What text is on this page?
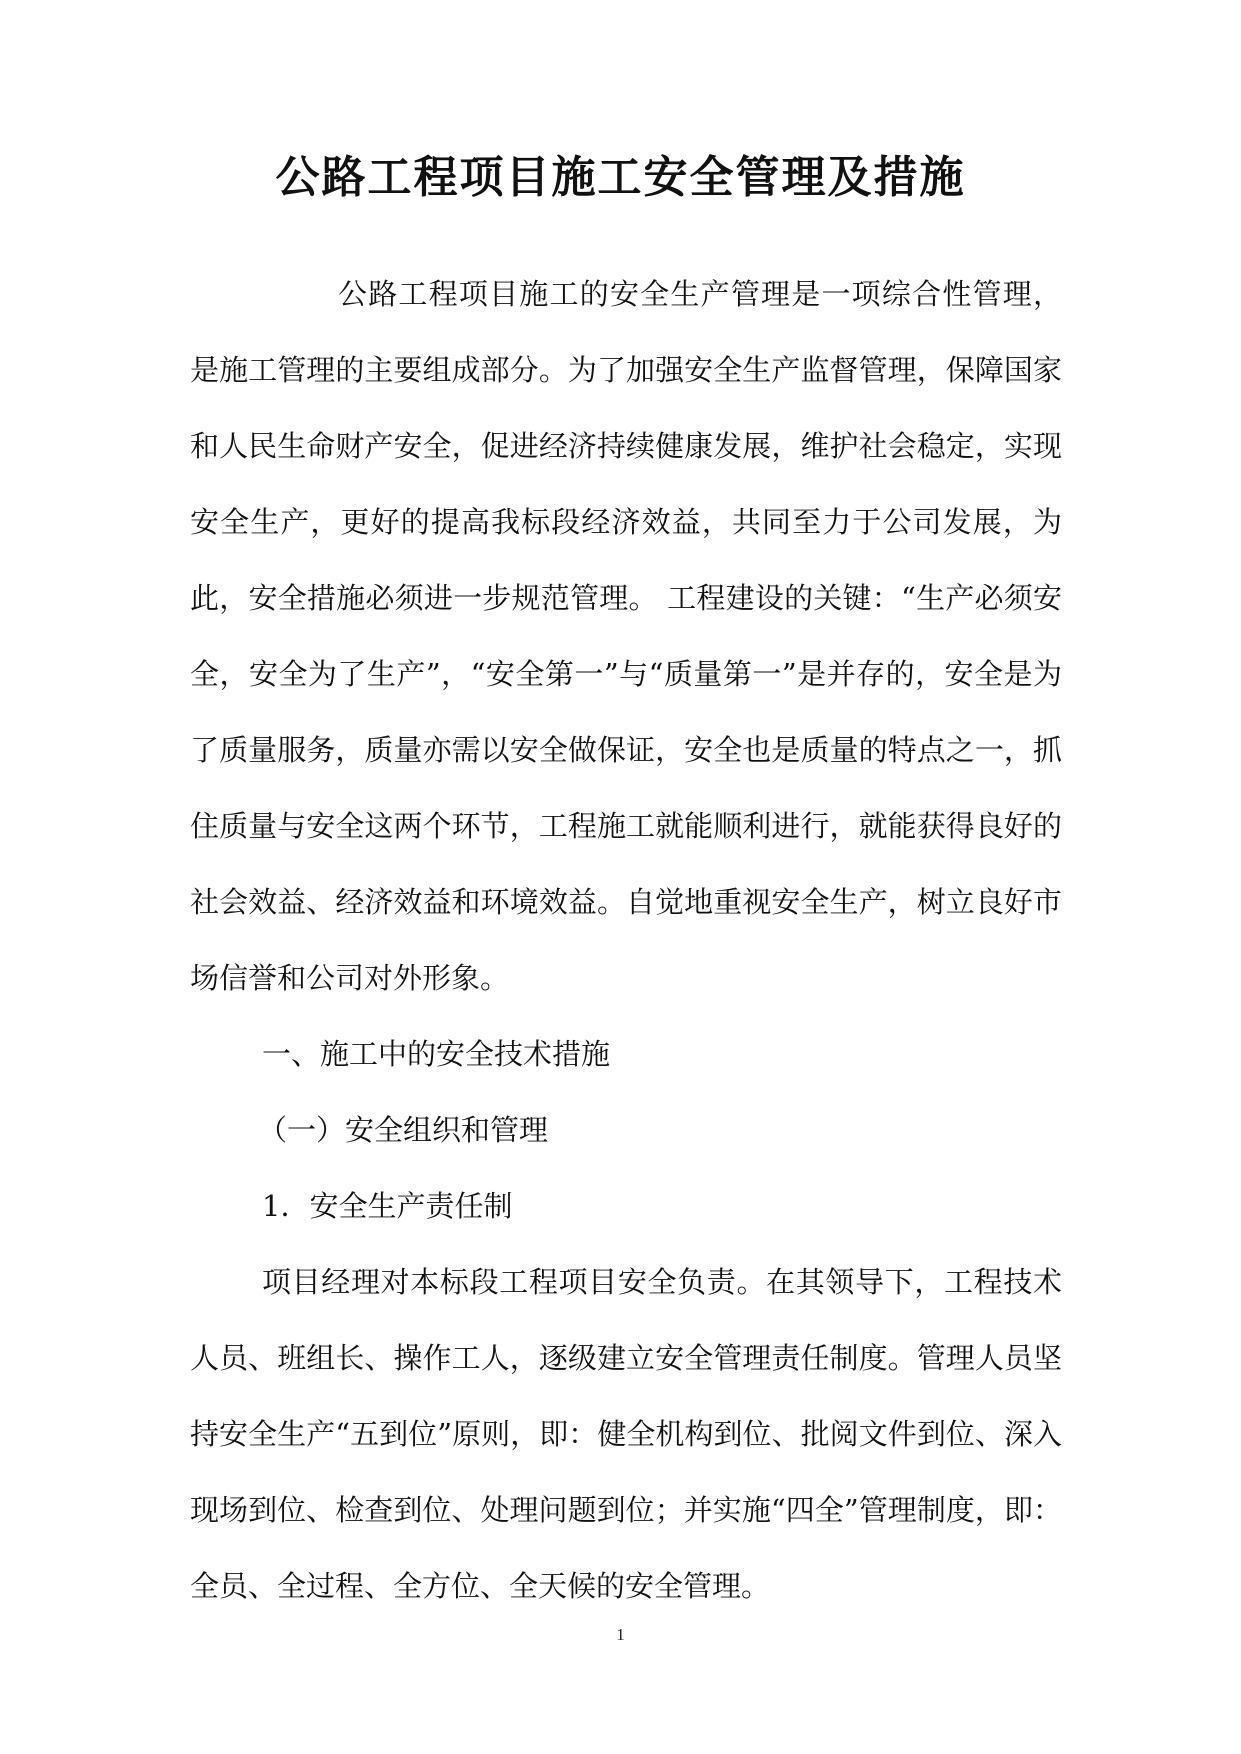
公路工程项目施工安全管理及措施

公路工程项目施工的安全生产管理是一项综合性管理，是施工管理的主要组成部分。为了加强安全生产监督管理，保障国家和人民生命财产安全，促进经济持续健康发展，维护社会稳定，实现安全生产，更好的提高我标段经济效益，共同至力于公司发展，为此，安全措施必须进一步规范管理。 工程建设的关键：“生产必须安全，安全为了生产”，“安全第一”与“质量第一”是并存的，安全是为了质量服务，质量亦需以安全做保证，安全也是质量的特点之一，抓住质量与安全这两个环节，工程施工就能顺利进行，就能获得良好的社会效益、经济效益和环境效益。自觉地重视安全生产，树立良好市场信誉和公司对外形象。

一、施工中的安全技术措施

（一）安全组织和管理

1．安全生产责任制

项目经理对本标段工程项目安全负责。在其领导下，工程技术人员、班组长、操作工人，逐级建立安全管理责任制度。管理人员坚持安全生产“五到位”原则，即：健全机构到位、批阅文件到位、深入现场到位、检查到位、处理问题到位；并实施“四全”管理制度，即：全员、全过程、全方位、全天候的安全管理。

1
